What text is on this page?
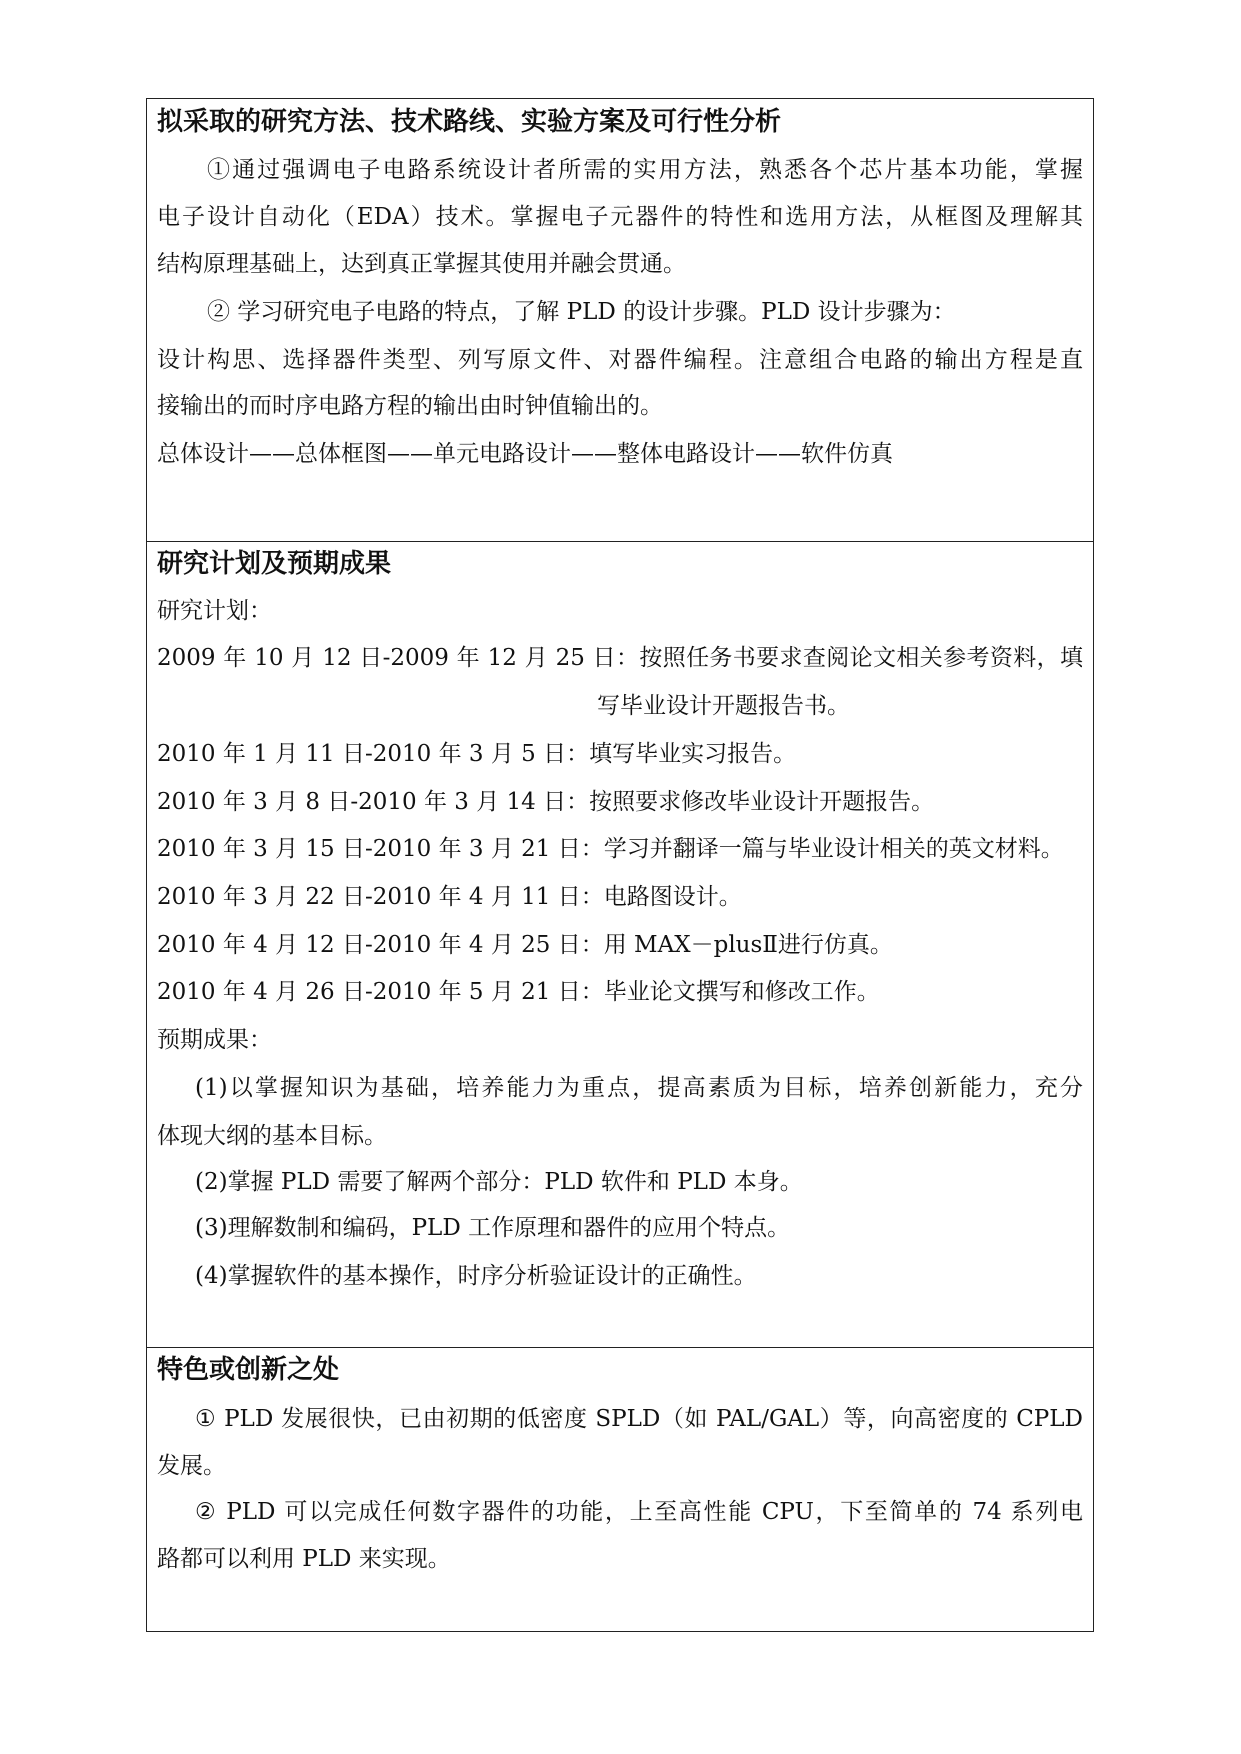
拟采取的研究方法、技术路线、实验方案及可行性分析
①通过强调电子电路系统设计者所需的实用方法，熟悉各个芯片基本功能，掌握
电子设计自动化（EDA）技术。掌握电子元器件的特性和选用方法，从框图及理解其
结构原理基础上，达到真正掌握其使用并融会贯通。
② 学习研究电子电路的特点，了解 PLD 的设计步骤。PLD 设计步骤为：
设计构思、选择器件类型、列写原文件、对器件编程。注意组合电路的输出方程是直
接输出的而时序电路方程的输出由时钟值输出的。
总体设计——总体框图——单元电路设计——整体电路设计——软件仿真
研究计划及预期成果
研究计划：
2009 年 10 月 12 日-2009 年 12 月 25 日：按照任务书要求查阅论文相关参考资料，填
写毕业设计开题报告书。
2010 年 1 月 11 日-2010 年 3 月 5 日：填写毕业实习报告。
2010 年 3 月 8 日-2010 年 3 月 14 日：按照要求修改毕业设计开题报告。
2010 年 3 月 15 日-2010 年 3 月 21 日：学习并翻译一篇与毕业设计相关的英文材料。
2010 年 3 月 22 日-2010 年 4 月 11 日：电路图设计。
2010 年 4 月 12 日-2010 年 4 月 25 日：用 MAX－plusⅡ进行仿真。
2010 年 4 月 26 日-2010 年 5 月 21 日：毕业论文撰写和修改工作。
预期成果：
(1)以掌握知识为基础，培养能力为重点，提高素质为目标，培养创新能力，充分
体现大纲的基本目标。
(2)掌握 PLD 需要了解两个部分：PLD 软件和 PLD 本身。
(3)理解数制和编码，PLD 工作原理和器件的应用个特点。
(4)掌握软件的基本操作，时序分析验证设计的正确性。
特色或创新之处
① PLD 发展很快，已由初期的低密度 SPLD（如 PAL/GAL）等，向高密度的 CPLD
发展。
② PLD 可以完成任何数字器件的功能，上至高性能 CPU，下至简单的 74 系列电
路都可以利用 PLD 来实现。
